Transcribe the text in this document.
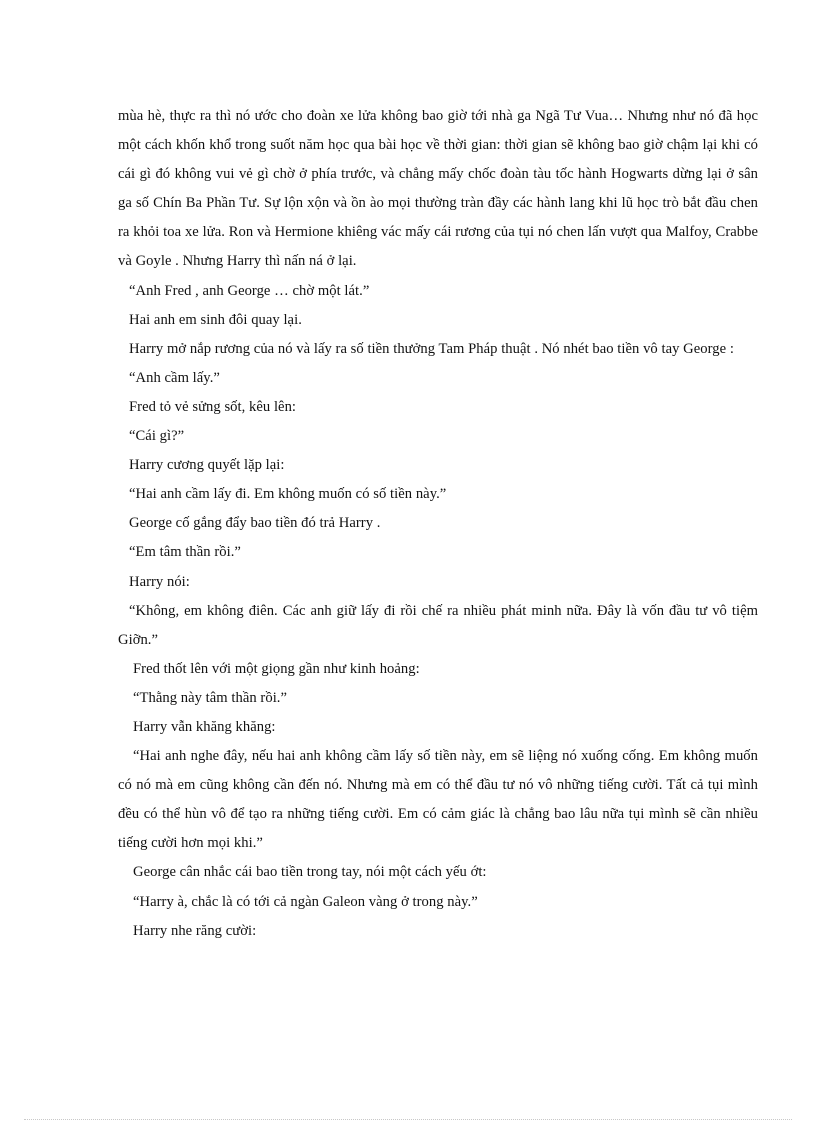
mùa hè, thực ra thì nó ước cho đoàn xe lửa không bao giờ tới nhà ga Ngã Tư Vua… Nhưng như nó đã học một cách khốn khổ trong suốt năm học qua bài học về thời gian: thời gian sẽ không bao giờ chậm lại khi có cái gì đó không vui vẻ gì chờ ở phía trước, và chẳng mấy chốc đoàn tàu tốc hành Hogwarts dừng lại ở sân ga số Chín Ba Phần Tư. Sự lộn xộn và ồn ào mọi thường tràn đầy các hành lang khi lũ học trò bắt đầu chen ra khỏi toa xe lửa. Ron và Hermione khiêng vác mấy cái rương của tụi nó chen lấn vượt qua Malfoy, Crabbe và Goyle . Nhưng Harry thì nấn ná ở lại.

“Anh Fred , anh George … chờ một lát.”

Hai anh em sinh đôi quay lại.

Harry mở nắp rương của nó và lấy ra số tiền thưởng Tam Pháp thuật . Nó nhét bao tiền vô tay George :

“Anh cầm lấy.”

Fred tỏ vẻ sửng sốt, kêu lên:

“Cái gì?”

Harry cương quyết lặp lại:

“Hai anh cầm lấy đi. Em không muốn có số tiền này.”

George cố gắng đẩy bao tiền đó trả Harry .

“Em tâm thần rồi.”

Harry nói:

“Không, em không điên. Các anh giữ lấy đi rồi chế ra nhiều phát minh nữa. Đây là vốn đầu tư vô tiệm Giỡn.”

Fred thốt lên với một giọng gần như kinh hoảng:

“Thằng này tâm thần rồi.”

Harry vẫn khăng khăng:

“Hai anh nghe đây, nếu hai anh không cầm lấy số tiền này, em sẽ liệng nó xuống cống. Em không muốn có nó mà em cũng không cần đến nó. Nhưng mà em có thể đầu tư nó vô những tiếng cười. Tất cả tụi mình đều có thể hùn vô để tạo ra những tiếng cười. Em có cảm giác là chẳng bao lâu nữa tụi mình sẽ cần nhiều tiếng cười hơn mọi khi.”

George cân nhắc cái bao tiền trong tay, nói một cách yếu ớt:

“Harry à, chắc là có tới cả ngàn Galeon vàng ở trong này.”

Harry nhe răng cười:
